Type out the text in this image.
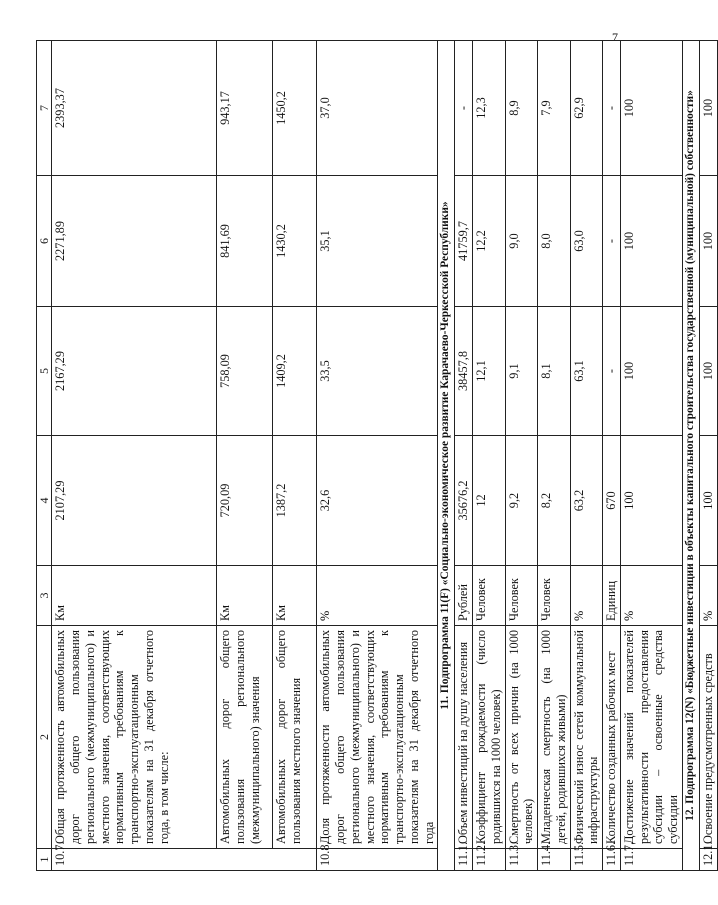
7
1	2	3	4	5	6	7
10.7.	Общая протяженность автомобильных дорог общего пользования регионального (межмуниципального) и местного значения, соответствующих нормативным требованиям к транспортно-эксплуатационным показателям на 31 декабря отчетного года, в том числе:	Км	2107,29	2167,29	2271,89	2393,37
	Автомобильных дорог общего пользования регионального (межмуниципального) значения	Км	720,09	758,09	841,69	943,17
	Автомобильных дорог общего пользования местного значения	Км	1387,2	1409,2	1430,2	1450,2
10.8.	Доля протяженности автомобильных дорог общего пользования регионального (межмуниципального) и местного значения, соответствующих нормативным требованиям к транспортно-эксплуатационным показателям на 31 декабря отчетного года	%	32,6	33,5	35,1	37,0
11. Подпрограмма 11(F) «Социально-экономическое развитие Карачаево-Черкесской Республики»						
11.1.	Объем инвестиций на душу населения	Рублей	35676,2	38457,8	41759,7	-
11.2.	Коэффициент рождаемости (число родившихся на 1000 человек)	Человек	12	12,1	12,2	12,3
11.3.	Смертность от всех причин (на 1000 человек)	Человек	9,2	9,1	9,0	8,9
11.4.	Младенческая смертность (на 1000 детей, родившихся живыми)	Человек	8,2	8,1	8,0	7,9
11.5.	Физический износ сетей коммунальной инфраструктуры	%	63,2	63,1	63,0	62,9
11.6.	Количество созданных рабочих мест	Единиц	670	-	-	-
11.7.	Достижение значений показателей результативности предоставления субсидии – освоенные средства субсидии	%	100	100	100	100
12. Подпрограмма 12(N) «Бюджетные инвестиции в объекты капитального строительства государственной (муниципальной) собственности»						
12.1.	Освоение предусмотренных средств	%	100	100	100	100
